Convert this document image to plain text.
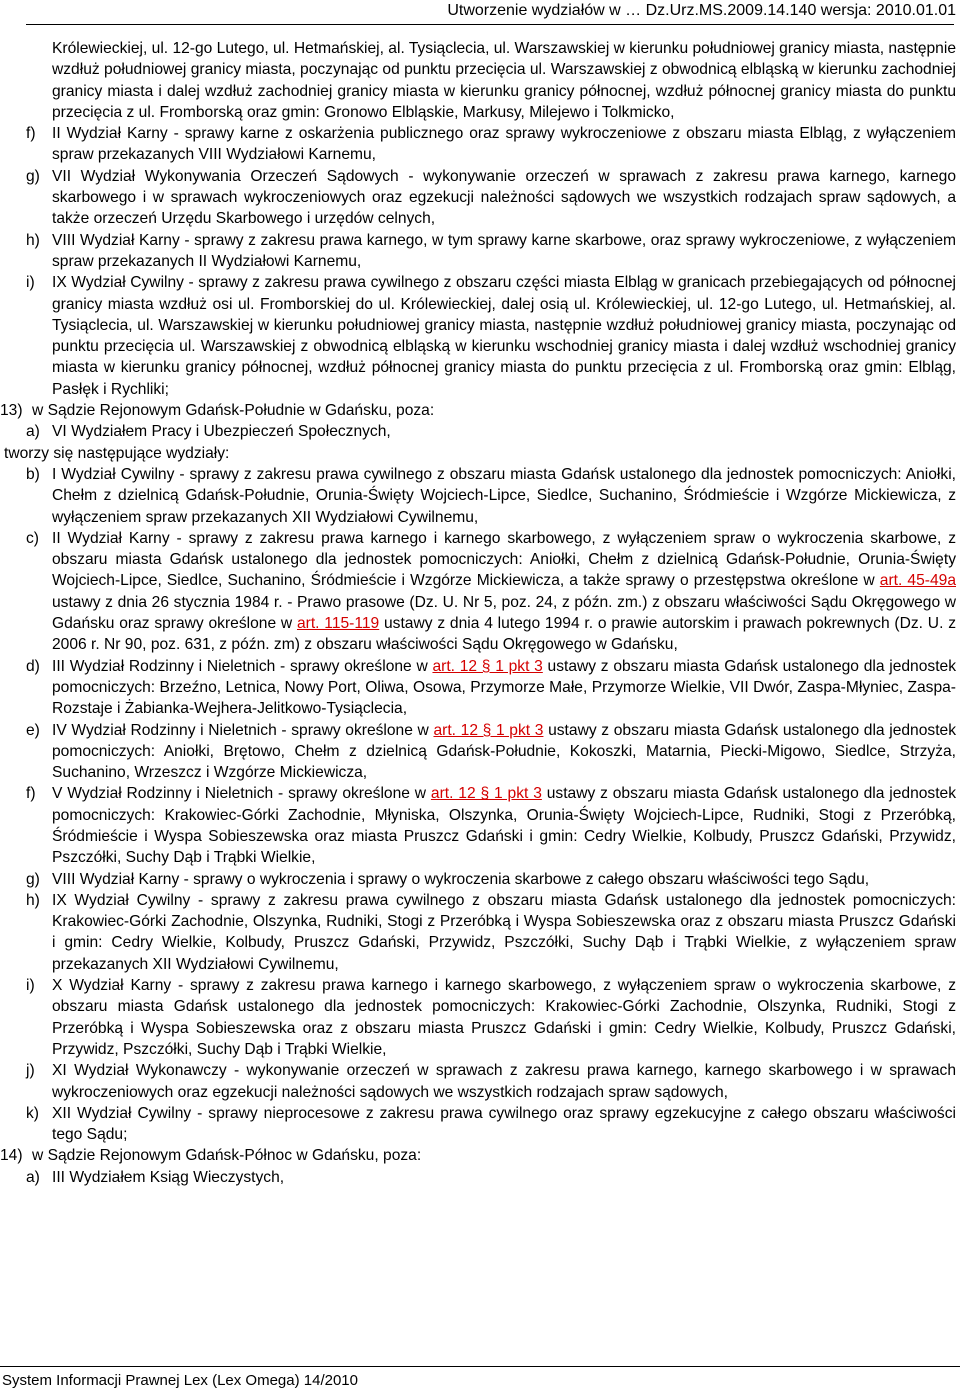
Utworzenie wydziałów w … Dz.Urz.MS.2009.14.140 wersja: 2010.01.01
Królewieckiej, ul. 12-go Lutego, ul. Hetmańskiej, al. Tysiąclecia, ul. Warszawskiej w kierunku południowej granicy miasta, następnie wzdłuż południowej granicy miasta, poczynając od punktu przecięcia ul. Warszawskiej z obwodnicą elbląską w kierunku zachodniej granicy miasta i dalej wzdłuż zachodniej granicy miasta w kierunku granicy północnej, wzdłuż północnej granicy miasta do punktu przecięcia z ul. Fromborską oraz gmin: Gronowo Elbląskie, Markusy, Milejewo i Tolkmicko,
f) II Wydział Karny - sprawy karne z oskarżenia publicznego oraz sprawy wykroczeniowe z obszaru miasta Elbląg, z wyłączeniem spraw przekazanych VIII Wydziałowi Karnemu,
g) VII Wydział Wykonywania Orzeczeń Sądowych - wykonywanie orzeczeń w sprawach z zakresu prawa karnego, karnego skarbowego i w sprawach wykroczeniowych oraz egzekucji należności sądowych we wszystkich rodzajach spraw sądowych, a także orzeczeń Urzędu Skarbowego i urzędów celnych,
h) VIII Wydział Karny - sprawy z zakresu prawa karnego, w tym sprawy karne skarbowe, oraz sprawy wykroczeniowe, z wyłączeniem spraw przekazanych II Wydziałowi Karnemu,
i) IX Wydział Cywilny - sprawy z zakresu prawa cywilnego z obszaru części miasta Elbląg w granicach przebiegających od północnej granicy miasta wzdłuż osi ul. Fromborskiej do ul. Królewieckiej, dalej osią ul. Królewieckiej, ul. 12-go Lutego, ul. Hetmańskiej, al. Tysiąclecia, ul. Warszawskiej w kierunku południowej granicy miasta, następnie wzdłuż południowej granicy miasta, poczynając od punktu przecięcia ul. Warszawskiej z obwodnicą elbląską w kierunku wschodniej granicy miasta i dalej wzdłuż wschodniej granicy miasta w kierunku granicy północnej, wzdłuż północnej granicy miasta do punktu przecięcia z ul. Fromborską oraz gmin: Elbląg, Pasłęk i Rychliki;
13) w Sądzie Rejonowym Gdańsk-Południe w Gdańsku, poza:
a) VI Wydziałem Pracy i Ubezpieczeń Społecznych,
tworzy się następujące wydziały:
b) I Wydział Cywilny - sprawy z zakresu prawa cywilnego z obszaru miasta Gdańsk ustalonego dla jednostek pomocniczych: Aniołki, Chełm z dzielnicą Gdańsk-Południe, Orunia-Święty Wojciech-Lipce, Siedlce, Suchanino, Śródmieście i Wzgórze Mickiewicza, z wyłączeniem spraw przekazanych XII Wydziałowi Cywilnemu,
c) II Wydział Karny - sprawy z zakresu prawa karnego i karnego skarbowego, z wyłączeniem spraw o wykroczenia skarbowe, z obszaru miasta Gdańsk ustalonego dla jednostek pomocniczych: Aniołki, Chełm z dzielnicą Gdańsk-Południe, Orunia-Święty Wojciech-Lipce, Siedlce, Suchanino, Śródmieście i Wzgórze Mickiewicza, a także sprawy o przestępstwa określone w art. 45-49a ustawy z dnia 26 stycznia 1984 r. - Prawo prasowe (Dz. U. Nr 5, poz. 24, z późn. zm.) z obszaru właściwości Sądu Okręgowego w Gdańsku oraz sprawy określone w art. 115-119 ustawy z dnia 4 lutego 1994 r. o prawie autorskim i prawach pokrewnych (Dz. U. z 2006 r. Nr 90, poz. 631, z późn. zm) z obszaru właściwości Sądu Okręgowego w Gdańsku,
d) III Wydział Rodzinny i Nieletnich - sprawy określone w art. 12 § 1 pkt 3 ustawy z obszaru miasta Gdańsk ustalonego dla jednostek pomocniczych: Brzeźno, Letnica, Nowy Port, Oliwa, Osowa, Przymorze Małe, Przymorze Wielkie, VII Dwór, Zaspa-Młyniec, Zaspa-Rozstaje i Żabianka-Wejhera-Jelitkowo-Tysiąclecia,
e) IV Wydział Rodzinny i Nieletnich - sprawy określone w art. 12 § 1 pkt 3 ustawy z obszaru miasta Gdańsk ustalonego dla jednostek pomocniczych: Aniołki, Brętowo, Chełm z dzielnicą Gdańsk-Południe, Kokoszki, Matarnia, Piecki-Migowo, Siedlce, Strzyża, Suchanino, Wrzeszcz i Wzgórze Mickiewicza,
f) V Wydział Rodzinny i Nieletnich - sprawy określone w art. 12 § 1 pkt 3 ustawy z obszaru miasta Gdańsk ustalonego dla jednostek pomocniczych: Krakowiec-Górki Zachodnie, Młyniska, Olszynka, Orunia-Święty Wojciech-Lipce, Rudniki, Stogi z Przeróbką, Śródmieście i Wyspa Sobieszewska oraz miasta Pruszcz Gdański i gmin: Cedry Wielkie, Kolbudy, Pruszcz Gdański, Przywidz, Pszczółki, Suchy Dąb i Trąbki Wielkie,
g) VIII Wydział Karny - sprawy o wykroczenia i sprawy o wykroczenia skarbowe z całego obszaru właściwości tego Sądu,
h) IX Wydział Cywilny - sprawy z zakresu prawa cywilnego z obszaru miasta Gdańsk ustalonego dla jednostek pomocniczych: Krakowiec-Górki Zachodnie, Olszynka, Rudniki, Stogi z Przeróbką i Wyspa Sobieszewska oraz z obszaru miasta Pruszcz Gdański i gmin: Cedry Wielkie, Kolbudy, Pruszcz Gdański, Przywidz, Pszczółki, Suchy Dąb i Trąbki Wielkie, z wyłączeniem spraw przekazanych XII Wydziałowi Cywilnemu,
i) X Wydział Karny - sprawy z zakresu prawa karnego i karnego skarbowego, z wyłączeniem spraw o wykroczenia skarbowe, z obszaru miasta Gdańsk ustalonego dla jednostek pomocniczych: Krakowiec-Górki Zachodnie, Olszynka, Rudniki, Stogi z Przeróbką i Wyspa Sobieszewska oraz z obszaru miasta Pruszcz Gdański i gmin: Cedry Wielkie, Kolbudy, Pruszcz Gdański, Przywidz, Pszczółki, Suchy Dąb i Trąbki Wielkie,
j) XI Wydział Wykonawczy - wykonywanie orzeczeń w sprawach z zakresu prawa karnego, karnego skarbowego i w sprawach wykroczeniowych oraz egzekucji należności sądowych we wszystkich rodzajach spraw sądowych,
k) XII Wydział Cywilny - sprawy nieprocesowe z zakresu prawa cywilnego oraz sprawy egzekucyjne z całego obszaru właściwości tego Sądu;
14) w Sądzie Rejonowym Gdańsk-Północ w Gdańsku, poza:
a) III Wydziałem Ksiąg Wieczystych,
System Informacji Prawnej Lex (Lex Omega) 14/2010
